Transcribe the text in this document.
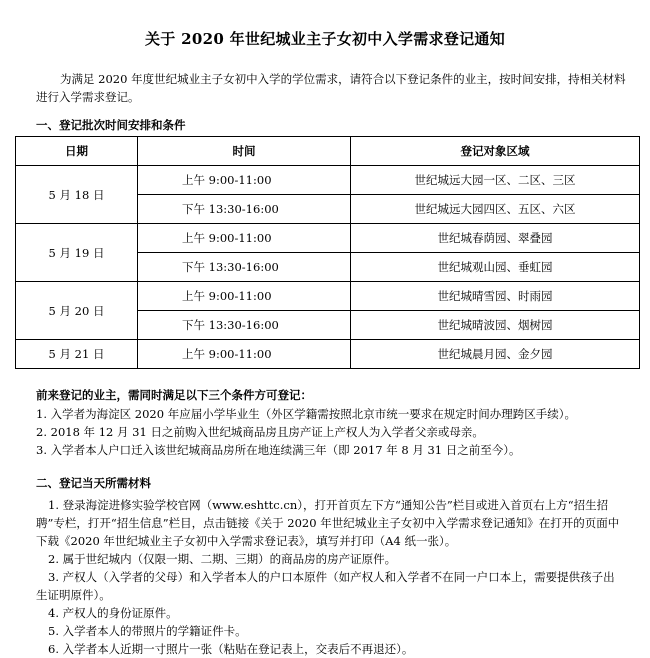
关于 2020 年世纪城业主子女初中入学需求登记通知
为满足 2020 年度世纪城业主子女初中入学的学位需求，请符合以下登记条件的业主，按时间安排，持相关材料进行入学需求登记。
一、登记批次时间安排和条件
日期	时间	登记对象区域
5 月 18 日	上午 9:00-11:00	世纪城远大园一区、二区、三区
	下午 13:30-16:00	世纪城远大园四区、五区、六区
5 月 19 日	上午 9:00-11:00	世纪城春荫园、翠叠园
	下午 13:30-16:00	世纪城观山园、垂虹园
5 月 20 日	上午 9:00-11:00	世纪城晴雪园、时雨园
	下午 13:30-16:00	世纪城晴波园、烟树园
5 月 21 日	上午 9:00-11:00	世纪城晨月园、金夕园
前来登记的业主，需同时满足以下三个条件方可登记：
1. 入学者为海淀区 2020 年应届小学毕业生（外区学籍需按照北京市统一要求在规定时间办理跨区手续）。
2. 2018 年 12 月 31 日之前购入世纪城商品房且房产证上产权人为入学者父亲或母亲。
3. 入学者本人户口迁入该世纪城商品房所在地连续满三年（即 2017 年 8 月 31 日之前至今）。
二、登记当天所需材料
1. 登录海淀进修实验学校官网（www.eshttc.cn），打开首页左下方“通知公告”栏目或进入首页右上方“招生招聘”专栏，打开“招生信息”栏目，点击链接《关于 2020 年世纪城业主子女初中入学需求登记通知》在打开的页面中下载《2020 年世纪城业主子女初中入学需求登记表》，填写并打印（A4 纸一张）。
2. 属于世纪城内（仅限一期、二期、三期）的商品房的房产证原件。
3. 产权人（入学者的父母）和入学者本人的户口本原件（如产权人和入学者不在同一户口本上，需要提供孩子出生证明原件）。
4. 产权人的身份证原件。
5. 入学者本人的带照片的学籍证件卡。
6. 入学者本人近期一寸照片一张（粘贴在登记表上，交表后不再退还）。
